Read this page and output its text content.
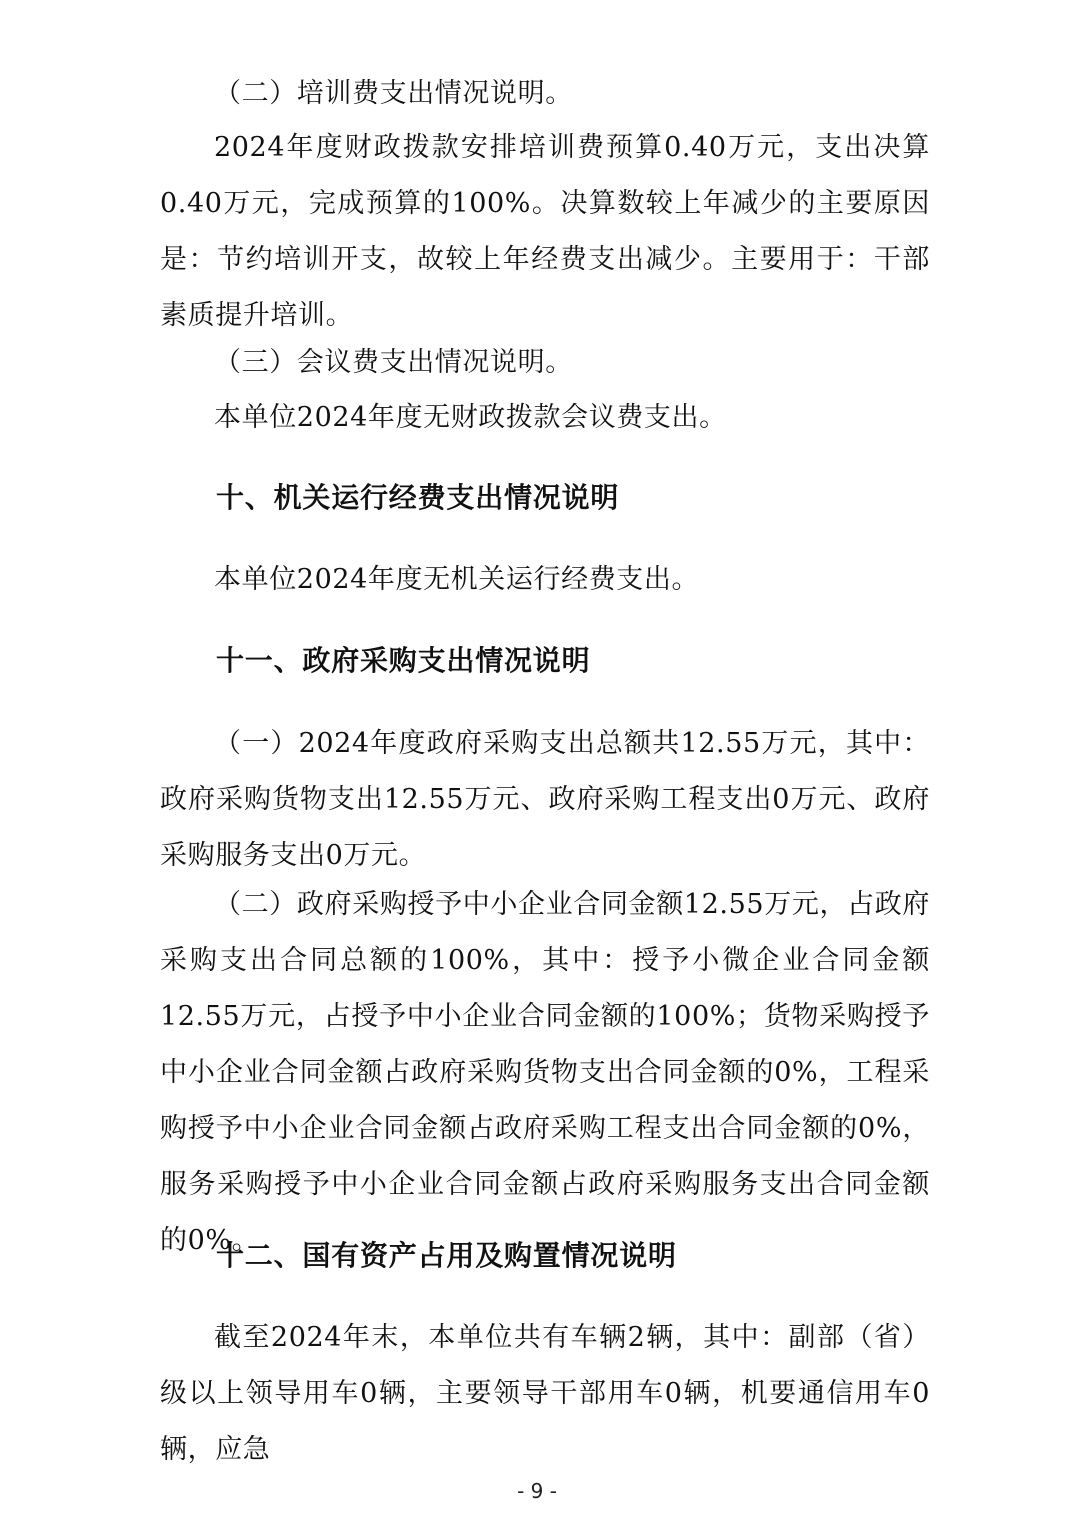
（二）培训费支出情况说明。

2024年度财政拨款安排培训费预算0.40万元，支出决算0.40万元，完成预算的100%。决算数较上年减少的主要原因是：节约培训开支，故较上年经费支出减少。主要用于：干部素质提升培训。

（三）会议费支出情况说明。

本单位2024年度无财政拨款会议费支出。

十、机关运行经费支出情况说明

本单位2024年度无机关运行经费支出。

十一、政府采购支出情况说明

（一）2024年度政府采购支出总额共12.55万元，其中：政府采购货物支出12.55万元、政府采购工程支出0万元、政府采购服务支出0万元。

（二）政府采购授予中小企业合同金额12.55万元，占政府采购支出合同总额的100%，其中：授予小微企业合同金额12.55万元，占授予中小企业合同金额的100%；货物采购授予中小企业合同金额占政府采购货物支出合同金额的0%，工程采购授予中小企业合同金额占政府采购工程支出合同金额的0%，服务采购授予中小企业合同金额占政府采购服务支出合同金额的0%。

十二、国有资产占用及购置情况说明

截至2024年末，本单位共有车辆2辆，其中：副部（省）级以上领导用车0辆，主要领导干部用车0辆，机要通信用车0辆，应急

- 9 -
